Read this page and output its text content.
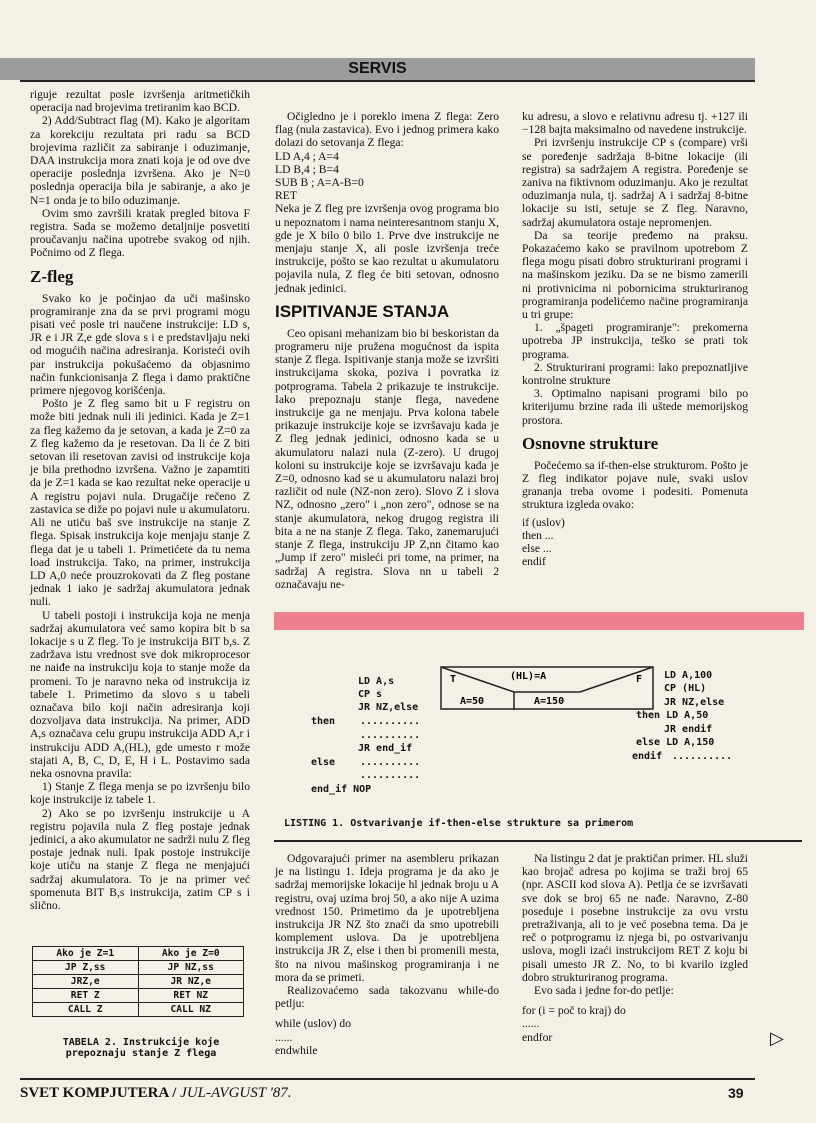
SERVIS

riguje rezultat posle izvršenja aritmetičkih operacija nad brojevima tretiranim kao BCD.

2) Add/Subtract flag (M). Kako je algoritam za korekciju rezultata pri radu sa BCD brojevima različit za sabiranje i oduzimanje, DAA instrukcija mora znati koja je od ove dve operacije poslednja izvršena. Ako je N=0 poslednja operacija bila je sabiranje, a ako je N=1 onda je to bilo oduzimanje.

Ovim smo završili kratak pregled bitova F registra. Sada se možemo detaljnije posvetiti proučavanju načina upotrebe svakog od njih. Počnimo od Z flega.

Z-fleg

Svako ko je počinjao da uči mašinsko programiranje zna da se prvi programi mogu pisati već posle tri naučene instrukcije: LD s, JR e i JR Z,e gde slova s i e predstavljaju neki od mogućih načina adresiranja. Koristeći ovih par instrukcija pokušaćemo da objasnimo način funkcionisanja Z flega i damo praktične primere njegovog korišćenja.

Pošto je Z fleg samo bit u F registru on može biti jednak nuli ili jedinici. Kada je Z=1 za fleg kažemo da je setovan, a kada je Z=0 za Z fleg kažemo da je resetovan. Da li će Z biti setovan ili resetovan zavisi od instrukcije koja je bila prethodno izvršena. Važno je zapamtiti da je Z=1 kada se kao rezultat neke operacije u A registru pojavi nula. Drugačije rečeno Z zastavica se diže po pojavi nule u akumulatoru. Ali ne utiču baš sve instrukcije na stanje Z flega. Spisak instrukcija koje menjaju stanje Z flega dat je u tabeli 1. Primetićete da tu nema load instrukcija. Tako, na primer, instrukcija LD A,0 neće prouzrokovati da Z fleg postane jednak 1 iako je sadržaj akumulatora jednak nuli.

U tabeli postoji i instrukcija koja ne menja sadržaj akumulatora već samo kopira bit b sa lokacije s u Z fleg. To je instrukcija BIT b,s. Z zadržava istu vrednost sve dok mikroprocesor ne naiđe na instrukciju koja to stanje može da promeni. To je naravno neka od instrukcija iz tabele 1. Primetimo da slovo s u tabeli označava bilo koji način adresiranja koji dozvoljava data instrukcija. Na primer, ADD A,s označava celu grupu instrukcija ADD A,r i instrukciju ADD A,(HL), gde umesto r može stajati A, B, C, D, E, H i L. Postavimo sada neka osnovna pravila:

1) Stanje Z flega menja se po izvršenju bilo koje instrukcije iz tabele 1.

2) Ako se po izvršenju instrukcije u A registru pojavila nula Z fleg postaje jednak jedinici, a ako akumulator ne sadrži nulu Z fleg postaje jednak nuli. Ipak postoje instrukcije koje utiču na stanje Z flega ne menjajući sadržaj akumulatora. To je na primer već spomenuta BIT B,s instrukcija, zatim CP s i slično.

Očigledno je i poreklo imena Z flega: Zero flag (nula zastavica). Evo i jednog primera kako dolazi do setovanja Z flega:

LD A,4 ; A=4
LD B,4 ; B=4
SUB B ; A=A-B=0
RET

Neka je Z fleg pre izvršenja ovog programa bio u nepoznatom i nama neinteresantnom stanju X, gde je X bilo 0 bilo 1. Prve dve instrukcije ne menjaju stanje X, ali posle izvršenja treće instrukcije, pošto se kao rezultat u akumulatoru pojavila nula, Z fleg će biti setovan, odnosno jednak jedinici.

ISPITIVANJE STANJA

Ceo opisani mehanizam bio bi beskoristan da programeru nije pružena mogućnost da ispita stanje Z flega. Ispitivanje stanja može se izvršiti instrukcijama skoka, poziva i povratka iz potprograma. Tabela 2 prikazuje te instrukcije. Iako prepoznaju stanje flega, navedene instrukcije ga ne menjaju. Prva kolona tabele prikazuje instrukcije koje se izvršavaju kada je Z fleg jednak jedinici, odnosno kada se u akumulatoru nalazi nula (Z-zero). U drugoj koloni su instrukcije koje se izvršavaju kada je Z=0, odnosno kad se u akumulatoru nalazi broj različit od nule (NZ-non zero). Slovo Z i slova NZ, odnosno „zero" i „non zero", odnose se na stanje akumulatora, nekog drugog registra ili bita a ne na stanje Z flega. Tako, zanemarujući stanje Z flega, instrukciju JP Z,nn čitamo kao „Jump if zero" misleći pri tome, na primer, na sadržaj A registra. Slova nn u tabeli 2 označavaju ne-

ku adresu, a slovo e relativnu adresu tj. +127 ili −128 bajta maksimalno od navedene instrukcije.

Pri izvršenju instrukcije CP s (compare) vrši se poređenje sadržaja 8-bitne lokacije (ili registra) sa sadržajem A registra. Poređenje se zaniva na fiktivnom oduzimanju. Ako je rezultat oduzimanja nula, tj. sadržaj A i sadržaj 8-bitne lokacije su isti, setuje se Z fleg. Naravno, sadržaj akumulatora ostaje nepromenjen.

Da sa teorije pređemo na praksu. Pokazaćemo kako se pravilnom upotrebom Z flega mogu pisati dobro strukturirani programi i na mašinskom jeziku. Da se ne bismo zamerili ni protivnicima ni pobornicima strukturiranog programiranja podelićemo načine programiranja u tri grupe:

1. „špageti programiranje": prekomerna upotreba JP instrukcija, teško se prati tok programa.

2. Strukturirani programi: lako prepoznatljive kontrolne strukture

3. Optimalno napisani programi bilo po kriterijumu brzine rada ili uštede memorijskog prostora.

Osnovne strukture

Počećemo sa if-then-else strukturom. Pošto je Z fleg indikator pojave nule, svaki uslov grananja treba ovome i podesiti. Pomenuta struktura izgleda ovako:

if (uslov)
then ...
else ...
endif
LD A,s
CP s
JR NZ,else
then ..........
..........
JR end_if
else ..........
..........
end_if NOP
T	(HL)=A	F
A=50	A=150
LD A,100
CP (HL)
JR NZ,else
then LD A,50
JR endif
else LD A,150
endif ..........
LISTING 1. Ostvarivanje if-then-else strukture sa primerom
Ako je Z=1	Ako je Z=0
JP Z,ss	JP NZ,ss
JRZ,e	JR NZ,e
RET Z	RET NZ
CALL Z	CALL NZ
TABELA 2. Instrukcije koje
prepoznaju stanje Z flega

Odgovarajući primer na asembleru prikazan je na listingu 1. Ideja programa je da ako je sadržaj memorijske lokacije hl jednak broju u A registru, ovaj uzima broj 50, a ako nije A uzima vrednost 150. Primetimo da je upotrebljena instrukcija JR NZ što znači da smo upotrebili komplement uslova. Da je upotrebljena instrukcija JR Z, else i then bi promenili mesta, što na nivou mašinskog programiranja i ne mora da se primeti.

Realizovaćemo sada takozvanu while-do petlju:

while (uslov) do
......
endwhile

Na listingu 2 dat je praktičan primer. HL služi kao brojač adresa po kojima se traži broj 65 (npr. ASCII kod slova A). Petlja će se izvršavati sve dok se broj 65 ne nađe. Naravno, Z-80 poseduje i posebne instrukcije za ovu vrstu pretraživanja, ali to je već posebna tema. Da je reč o potprogramu iz njega bi, po ostvarivanju uslova, mogli izaći instrukcijom RET Z koju bi pisali umesto JR Z. No, to bi kvarilo izgled dobro strukturiranog programa.

Evo sada i jedne for-do petlje:

for (i = poč to kraj) do
......
endfor	▷
SVET KOMPJUTERA / JUL-AVGUST '87.	39
